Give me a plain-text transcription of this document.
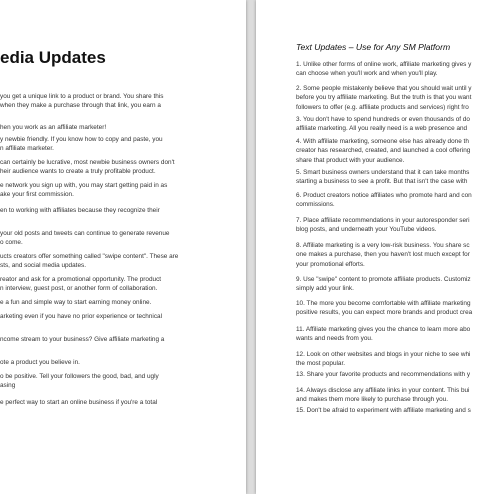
edia Updates
you get a unique link to a product or brand. You share this
when they make a purchase through that link, you earn a
hen you work as an affiliate marketer!
y newbie friendly. If you know how to copy and paste, you
n affiliate marketer.
can certainly be lucrative, most newbie business owners don't
heir audience wants to create a truly profitable product.
e network you sign up with, you may start getting paid in as
ake your first commission.
en to working with affiliates because they recognize their
your old posts and tweets can continue to generate revenue
o come.
ucts creators offer something called "swipe content". These are
sts, and social media updates.
reator and ask for a promotional opportunity. The product
n interview, guest post, or another form of collaboration.
e a fun and simple way to start earning money online.
arketing even if you have no prior experience or technical
ncome stream to your business? Give affiliate marketing a
ote a product you believe in.
o be positive. Tell your followers the good, bad, and ugly
asing
e perfect way to start an online business if you're a total
Text Updates – Use for Any SM Platform
1. Unlike other forms of online work, affiliate marketing gives y
can choose when you'll work and when you'll play.
2. Some people mistakenly believe that you should wait until y
before you try affiliate marketing. But the truth is that you want
followers to offer (e.g. affiliate products and services) right fro
3. You don't have to spend hundreds or even thousands of do
affiliate marketing. All you really need is a web presence and
4. With affiliate marketing, someone else has already done th
creator has researched, created, and launched a cool offering
share that product with your audience.
5. Smart business owners understand that it can take months
starting a business to see a profit. But that isn't the case with
6. Product creators notice affiliates who promote hard and con
commissions.
7. Place affiliate recommendations in your autoresponder seri
blog posts, and underneath your YouTube videos.
8. Affiliate marketing is a very low-risk business. You share sc
one makes a purchase, then you haven't lost much except for
your promotional efforts.
9. Use "swipe" content to promote affiliate products. Customiz
simply add your link.
10. The more you become comfortable with affiliate marketing
positive results, you can expect more brands and product crea
11. Affiliate marketing gives you the chance to learn more abo
wants and needs from you.
12. Look on other websites and blogs in your niche to see whi
the most popular.
13. Share your favorite products and recommendations with y
14. Always disclose any affiliate links in your content. This bui
and makes them more likely to purchase through you.
15. Don't be afraid to experiment with affiliate marketing and s
